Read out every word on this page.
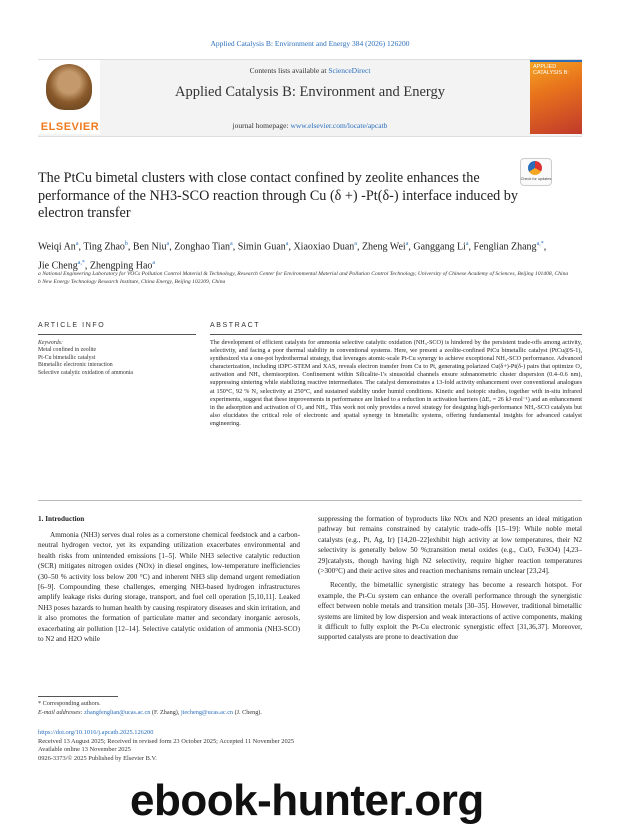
Applied Catalysis B: Environment and Energy 384 (2026) 126200
ELSEVIER
Contents lists available at ScienceDirect
Applied Catalysis B: Environment and Energy
journal homepage: www.elsevier.com/locate/apcatb
APPLIED CATALYSIS B:
The PtCu bimetal clusters with close contact confined by zeolite enhances the performance of the NH3-SCO reaction through Cu (δ +) -Pt(δ-) interface induced by electron transfer
Check for updates
Weiqi An$^a$, Ting Zhao$^b$, Ben Niu$^a$, Zonghao Tian$^a$, Simin Guan$^a$, Xiaoxiao Duan$^a$, Zheng Wei$^a$, Ganggang Li$^a$, Fenglian Zhang$^{a,*}$, Jie Cheng$^{a,*}$, Zhengping Hao$^a$
a National Engineering Laboratory for VOCs Pollution Control Material & Technology, Research Center for Environmental Material and Pollution Control Technology, University of Chinese Academy of Sciences, Beijing 101408, China
b New Energy Technology Research Institute, China Energy, Beijing 102209, China
ARTICLE INFO	ABSTRACT
Keywords:
Metal confined in zeolite
Pt-Cu bimetallic catalyst
Bimetallic electronic interaction
Selective catalytic oxidation of ammonia
The development of efficient catalysts for ammonia selective catalytic oxidation (NH₃-SCO) is hindered by the persistent trade-offs among activity, selectivity, and facing a poor thermal stability in conventional systems. Here, we present a zeolite-confined PtCu bimetallic catalyst (PtCu@S-1), synthesized via a one-pot hydrothermal strategy, that leverages atomic-scale Pt-Cu synergy to achieve exceptional NH₃-SCO performance. Advanced characterization, including iDPC-STEM and XAS, reveals electron transfer from Cu to Pt, generating polarized Cu(δ+)-Pt(δ-) pairs that optimize O₂ activation and NH₃ chemisorption. Confinement within Silicalite-1's sinusoidal channels ensure subnanometric cluster dispersion (0.4–0.6 nm), suppressing sintering while stabilizing reactive intermediates. The catalyst demonstrates a 13-fold activity enhancement over conventional analogues at 150°C, 92 % N₂ selectivity at 250°C, and sustained stability under humid conditions. Kinetic and isotopic studies, together with in-situ infrared experiments, suggest that these improvements in performance are linked to a reduction in activation barriers (ΔEₐ = 26 kJ·mol⁻¹) and an enhancement in the adsorption and activation of O₂ and NH₃. This work not only provides a novel strategy for designing high-performance NH₃-SCO catalysts but also elucidates the critical role of electronic and spatial synergy in bimetallic systems, offering fundamental insights for advanced catalyst engineering.
1. Introduction

Ammonia (NH3) serves dual roles as a cornerstone chemical feedstock and a carbon-neutral hydrogen vector, yet its expanding utilization exacerbates environmental and health risks from unintended emissions [1–5]. While NH3 selective catalytic reduction (SCR) mitigates nitrogen oxides (NOx) in diesel engines, low-temperature inefficiencies (30–50 % activity loss below 200 °C) and inherent NH3 slip demand urgent remediation [6–9]. Compounding these challenges, emerging NH3-based hydrogen infrastructures amplify leakage risks during storage, transport, and fuel cell operation [5,10,11]. Leaked NH3 poses hazards to human health by causing respiratory diseases and skin irritation, and it also promotes the formation of particulate matter and secondary inorganic aerosols, exacerbating air pollution [12–14]. Selective catalytic oxidation of ammonia (NH3-SCO) to N2 and H2O while

suppressing the formation of byproducts like NOx and N2O presents an ideal mitigation pathway but remains constrained by catalytic trade-offs [15–19]: While noble metal catalysts (e.g., Pt, Ag, Ir) [14,20–22]exhibit high activity at low temperatures, their N2 selectivity is generally below 50 %;transition metal oxides (e.g., CuO, Fe3O4) [4,23–29]catalysts, though having high N2 selectivity, require higher reaction temperatures (>300°C) and their active sites and reaction mechanisms remain unclear [23,24].

Recently, the bimetallic synergistic strategy has become a research hotspot. For example, the Pt-Cu system can enhance the overall performance through the synergistic effect between noble metals and transition metals [30–35]. However, traditional bimetallic systems are limited by low dispersion and weak interactions of active components, making it difficult to fully exploit the Pt-Cu electronic synergistic effect [31,36,37]. Moreover, supported catalysts are prone to deactivation due

* Corresponding authors.
E-mail addresses: zhangfenglian@ucas.ac.cn (F. Zhang), jiecheng@ucas.ac.cn (J. Cheng).
https://doi.org/10.1016/j.apcatb.2025.126200
Received 13 August 2025; Received in revised form 23 October 2025; Accepted 11 November 2025
Available online 13 November 2025
0926-3373/© 2025 Published by Elsevier B.V.
ebook-hunter.org
